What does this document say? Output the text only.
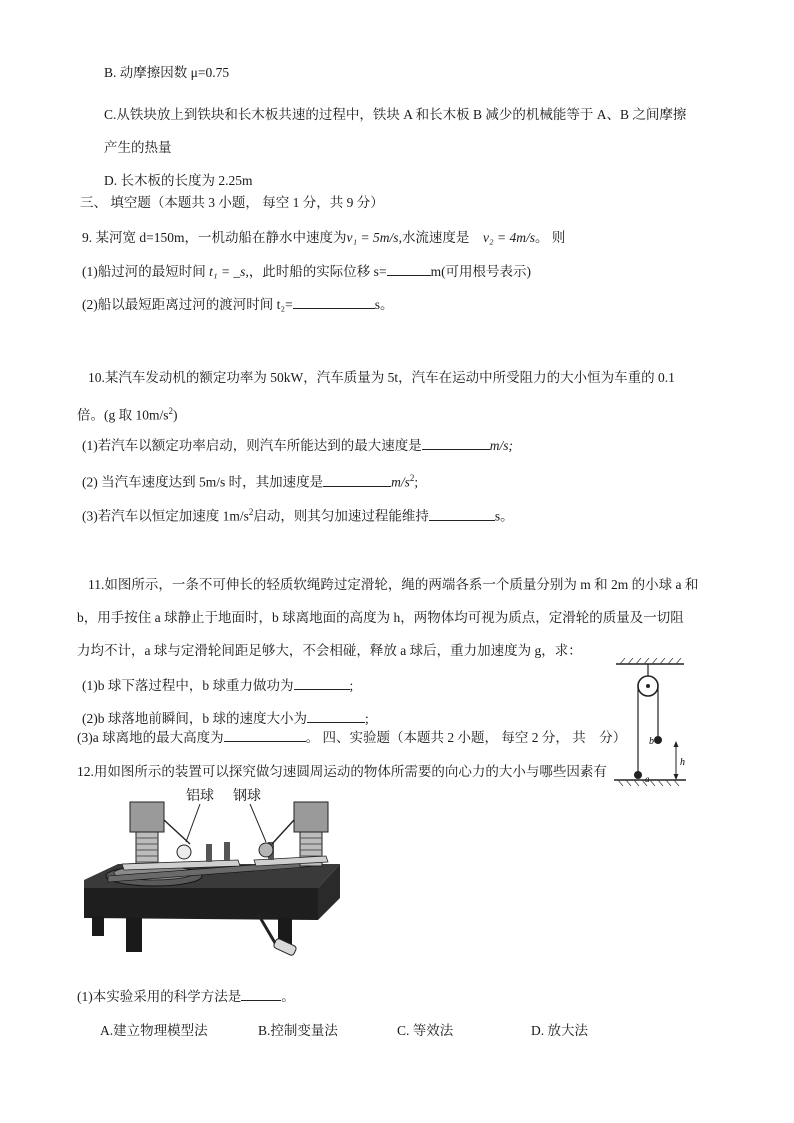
B. 动摩擦因数 μ=0.75
C.从铁块放上到铁块和长木板共速的过程中，铁块 A 和长木板 B 减少的机械能等于 A、B 之间摩擦
产生的热量
D. 长木板的长度为 2.25m
三、 填空题（本题共 3 小题， 每空 1 分，共 9 分）
9. 某河宽 d=150m，一机动船在静水中速度为v₁ = 5m/s,水流速度是 v₂ = 4m/s。 则
(1)船过河的最短时间 t₁ = _s,，此时船的实际位移 s=	m(可用根号表示)
(2)船以最短距离过河的渡河时间 t₂=	s。
10.某汽车发动机的额定功率为 50kW，汽车质量为 5t，汽车在运动中所受阻力的大小恒为车重的 0.1
倍。(g 取 $10m/s^2$)
(1)若汽车以额定功率启动，则汽车所能达到的最大速度是	m/s;
(2) 当汽车速度达到 5m/s 时，其加速度是	$m/s^2$;
(3)若汽车以恒定加速度 $1m/s^2$启动，则其匀加速过程能维持	s。
11.如图所示，一条不可伸长的轻质软绳跨过定滑轮，绳的两端各系一个质量分别为 m 和 2m 的小球 a 和
b，用手按住 a 球静止于地面时，b 球离地面的高度为 h，两物体均可视为质点，定滑轮的质量及一切阻
力均不计，a 球与定滑轮间距足够大，不会相碰，释放 a 球后，重力加速度为 g，求：
(1)b 球下落过程中，b 球重力做功为	;
(2)b 球落地前瞬间，b 球的速度大小为	;
(3)a 球离地的最大高度为	。 四、实验题（本题共 2 小题， 每空 2 分， 共    分） b
a
h
12.用如图所示的装置可以探究做匀速圆周运动的物体所需要的向心力的大小与哪些因素有
铝球 钢球
(1)本实验采用的科学方法是	。
A.建立物理模型法	B.控制变量法	C. 等效法	D. 放大法
